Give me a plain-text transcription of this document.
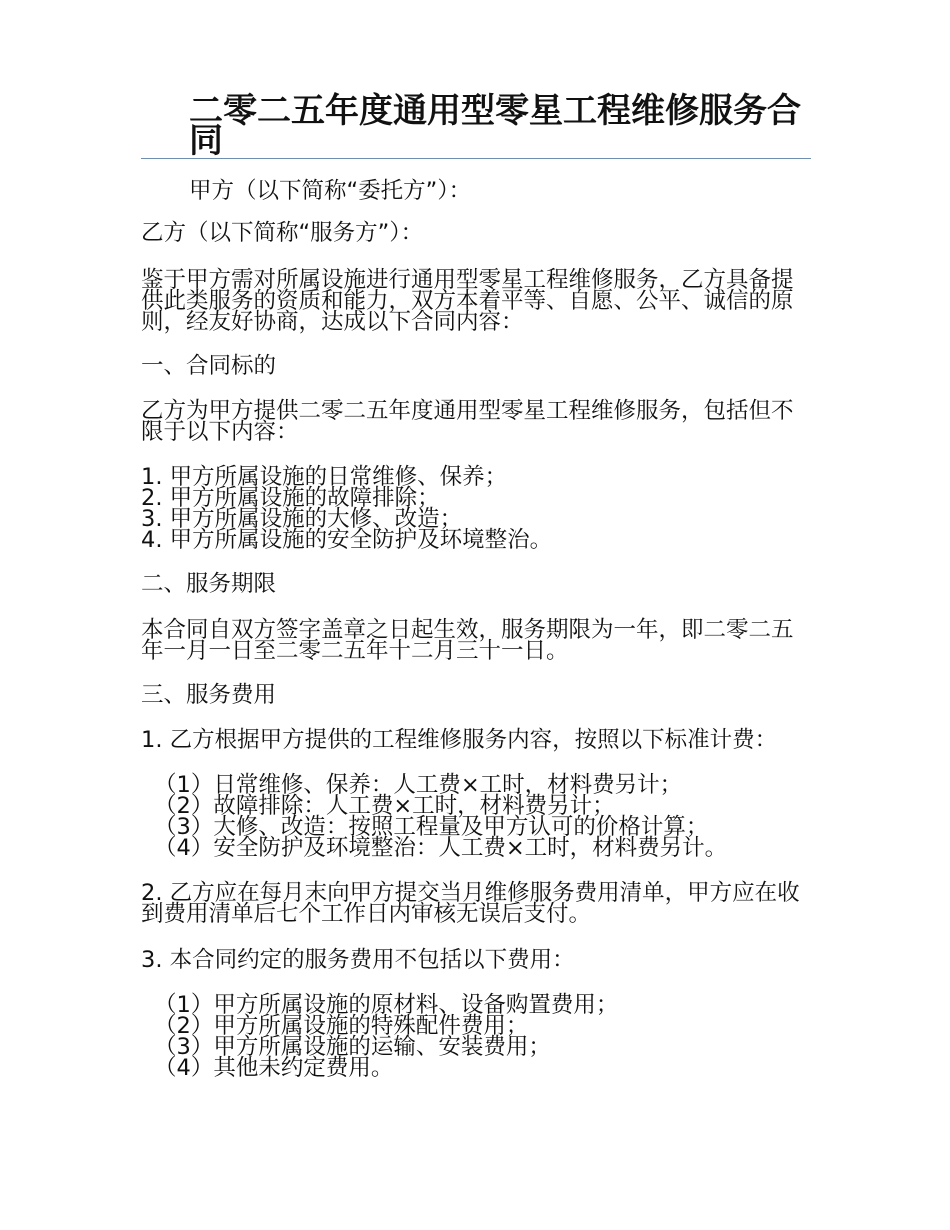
二零二五年度通用型零星工程维修服务合同

甲方（以下简称“委托方”）：

乙方（以下简称“服务方”）：

鉴于甲方需对所属设施进行通用型零星工程维修服务，乙方具备提供此类服务的资质和能力，双方本着平等、自愿、公平、诚信的原则，经友好协商，达成以下合同内容：

一、合同标的

乙方为甲方提供二零二五年度通用型零星工程维修服务，包括但不限于以下内容：

1. 甲方所属设施的日常维修、保养；
2. 甲方所属设施的故障排除；
3. 甲方所属设施的大修、改造；
4. 甲方所属设施的安全防护及环境整治。

二、服务期限

本合同自双方签字盖章之日起生效，服务期限为一年，即二零二五年一月一日至二零二五年十二月三十一日。

三、服务费用

1. 乙方根据甲方提供的工程维修服务内容，按照以下标准计费：

（1）日常维修、保养：人工费×工时，材料费另计；
（2）故障排除：人工费×工时，材料费另计；
（3）大修、改造：按照工程量及甲方认可的价格计算；
（4）安全防护及环境整治：人工费×工时，材料费另计。

2. 乙方应在每月末向甲方提交当月维修服务费用清单，甲方应在收到费用清单后七个工作日内审核无误后支付。

3. 本合同约定的服务费用不包括以下费用：

（1）甲方所属设施的原材料、设备购置费用；
（2）甲方所属设施的特殊配件费用；
（3）甲方所属设施的运输、安装费用；
（4）其他未约定费用。
